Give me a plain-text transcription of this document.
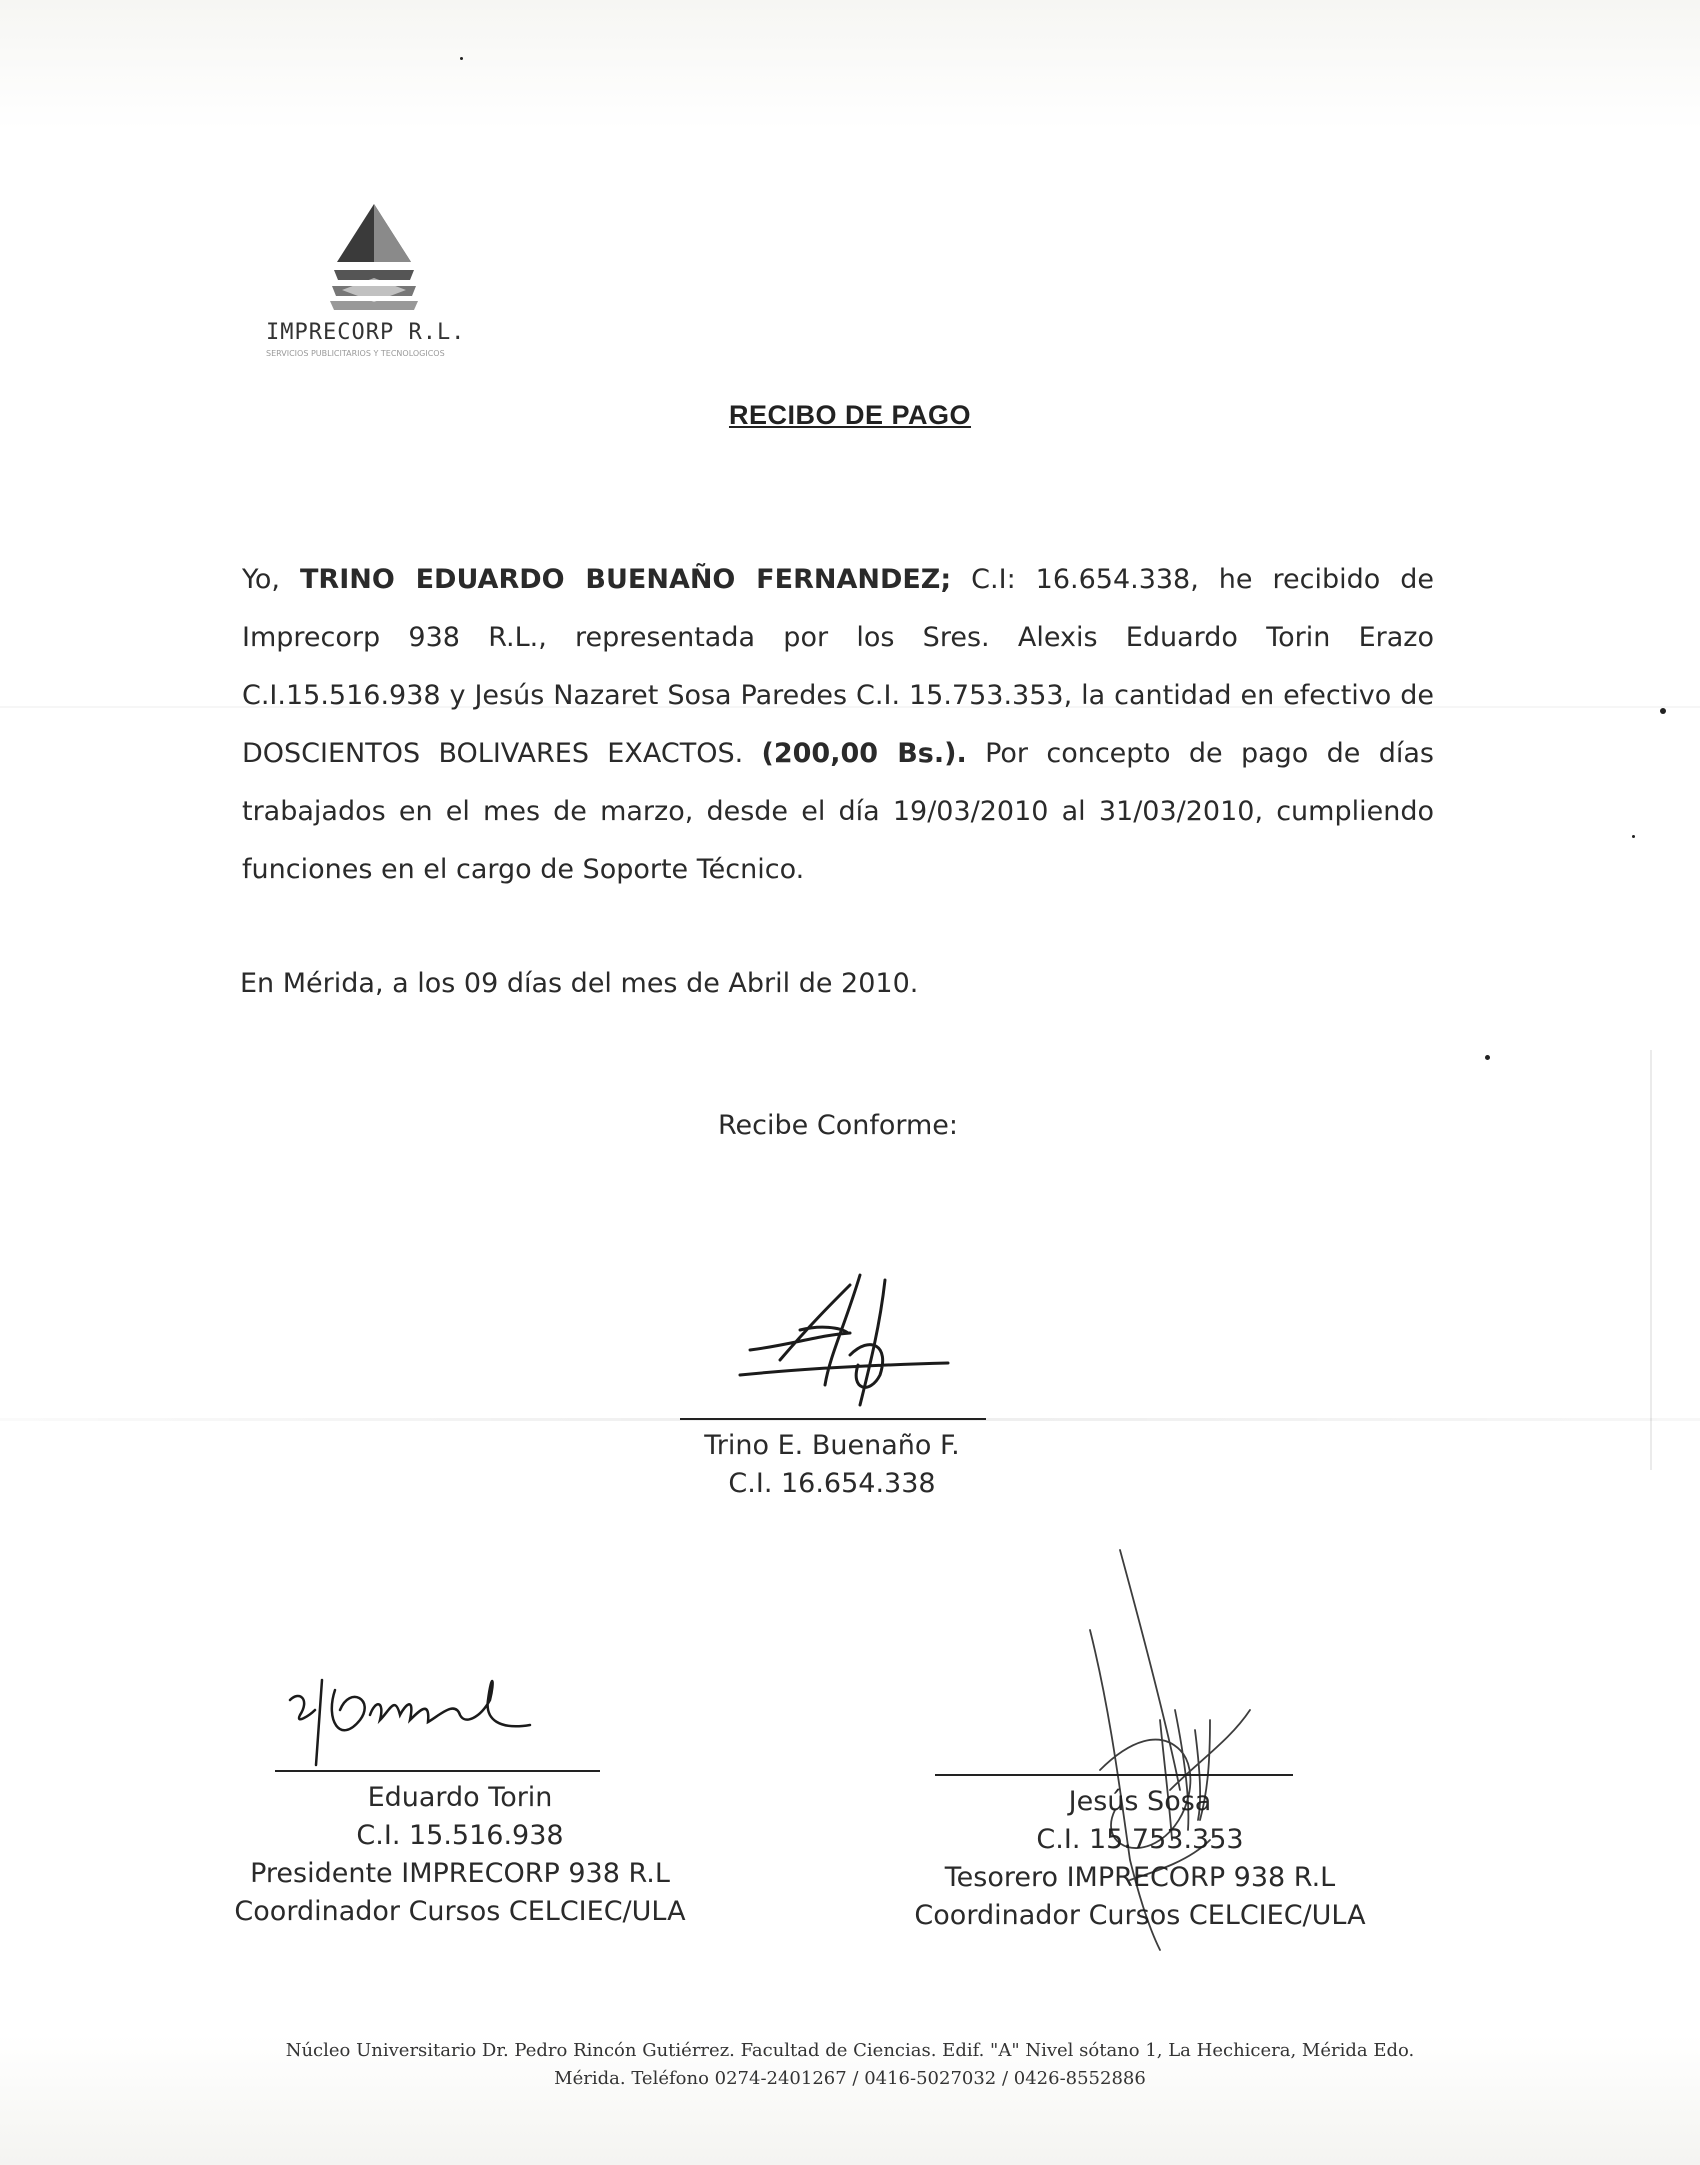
IMPRECORP R.L.
SERVICIOS PUBLICITARIOS Y TECNOLOGICOS
RECIBO DE PAGO
Yo, TRINO EDUARDO BUENAÑO FERNANDEZ; C.I: 16.654.338, he recibido de Imprecorp 938 R.L., representada por los Sres. Alexis Eduardo Torin Erazo C.I.15.516.938 y Jesús Nazaret Sosa Paredes C.I. 15.753.353, la cantidad en efectivo de DOSCIENTOS BOLIVARES EXACTOS. (200,00 Bs.). Por concepto de pago de días trabajados en el mes de marzo, desde el día 19/03/2010 al 31/03/2010, cumpliendo funciones en el cargo de Soporte Técnico.
En Mérida, a los 09 días del mes de Abril de 2010.
Recibe Conforme:
Trino E. Buenaño F.
C.I. 16.654.338
Eduardo Torin
C.I. 15.516.938
Presidente IMPRECORP 938 R.L
Coordinador Cursos CELCIEC/ULA
Jesús Sosa
C.I. 15.753.353
Tesorero IMPRECORP 938 R.L
Coordinador Cursos CELCIEC/ULA
Núcleo Universitario Dr. Pedro Rincón Gutiérrez. Facultad de Ciencias. Edif. "A" Nivel sótano 1, La Hechicera, Mérida Edo.
Mérida. Teléfono 0274-2401267 / 0416-5027032 / 0426-8552886
